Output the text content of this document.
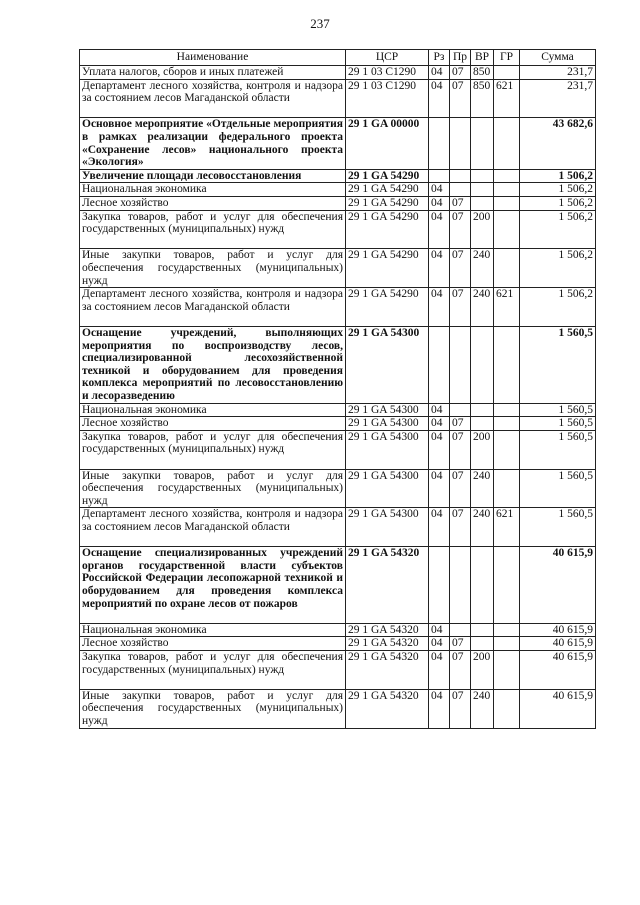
237
Наименование	ЦСР	Рз	Пр	ВР	ГР	Сумма
Уплата налогов, сборов и иных платежей	29 1 03 С1290	04	07	850		231,7
Департамент лесного хозяйства, контроля и надзора за состоянием лесов Магаданской области	29 1 03 С1290	04	07	850	621	231,7
Основное мероприятие «Отдельные мероприятия в рамках реализации федерального проекта «Сохранение лесов» национального проекта «Экология»	29 1 GA 00000					43 682,6
Увеличение площади лесовосстановления	29 1 GA 54290					1 506,2
Национальная экономика	29 1 GA 54290	04				1 506,2
Лесное хозяйство	29 1 GA 54290	04	07			1 506,2
Закупка товаров, работ и услуг для обеспечения государственных (муниципальных) нужд	29 1 GA 54290	04	07	200		1 506,2
Иные закупки товаров, работ и услуг для обеспечения государственных (муниципальных) нужд	29 1 GA 54290	04	07	240		1 506,2
Департамент лесного хозяйства, контроля и надзора за состоянием лесов Магаданской области	29 1 GA 54290	04	07	240	621	1 506,2
Оснащение учреждений, выполняющих мероприятия по воспроизводству лесов, специализированной лесохозяйственной техникой и оборудованием для проведения комплекса мероприятий по лесовосстановлению и лесоразведению	29 1 GA 54300					1 560,5
Национальная экономика	29 1 GA 54300	04				1 560,5
Лесное хозяйство	29 1 GA 54300	04	07			1 560,5
Закупка товаров, работ и услуг для обеспечения государственных (муниципальных) нужд	29 1 GA 54300	04	07	200		1 560,5
Иные закупки товаров, работ и услуг для обеспечения государственных (муниципальных) нужд	29 1 GA 54300	04	07	240		1 560,5
Департамент лесного хозяйства, контроля и надзора за состоянием лесов Магаданской области	29 1 GA 54300	04	07	240	621	1 560,5
Оснащение специализированных учреждений органов государственной власти субъектов Российской Федерации лесопожарной техникой и оборудованием для проведения комплекса мероприятий по охране лесов от пожаров	29 1 GA 54320					40 615,9
Национальная экономика	29 1 GA 54320	04				40 615,9
Лесное хозяйство	29 1 GA 54320	04	07			40 615,9
Закупка товаров, работ и услуг для обеспечения государственных (муниципальных) нужд	29 1 GA 54320	04	07	200		40 615,9
Иные закупки товаров, работ и услуг для обеспечения государственных (муниципальных) нужд	29 1 GA 54320	04	07	240		40 615,9
